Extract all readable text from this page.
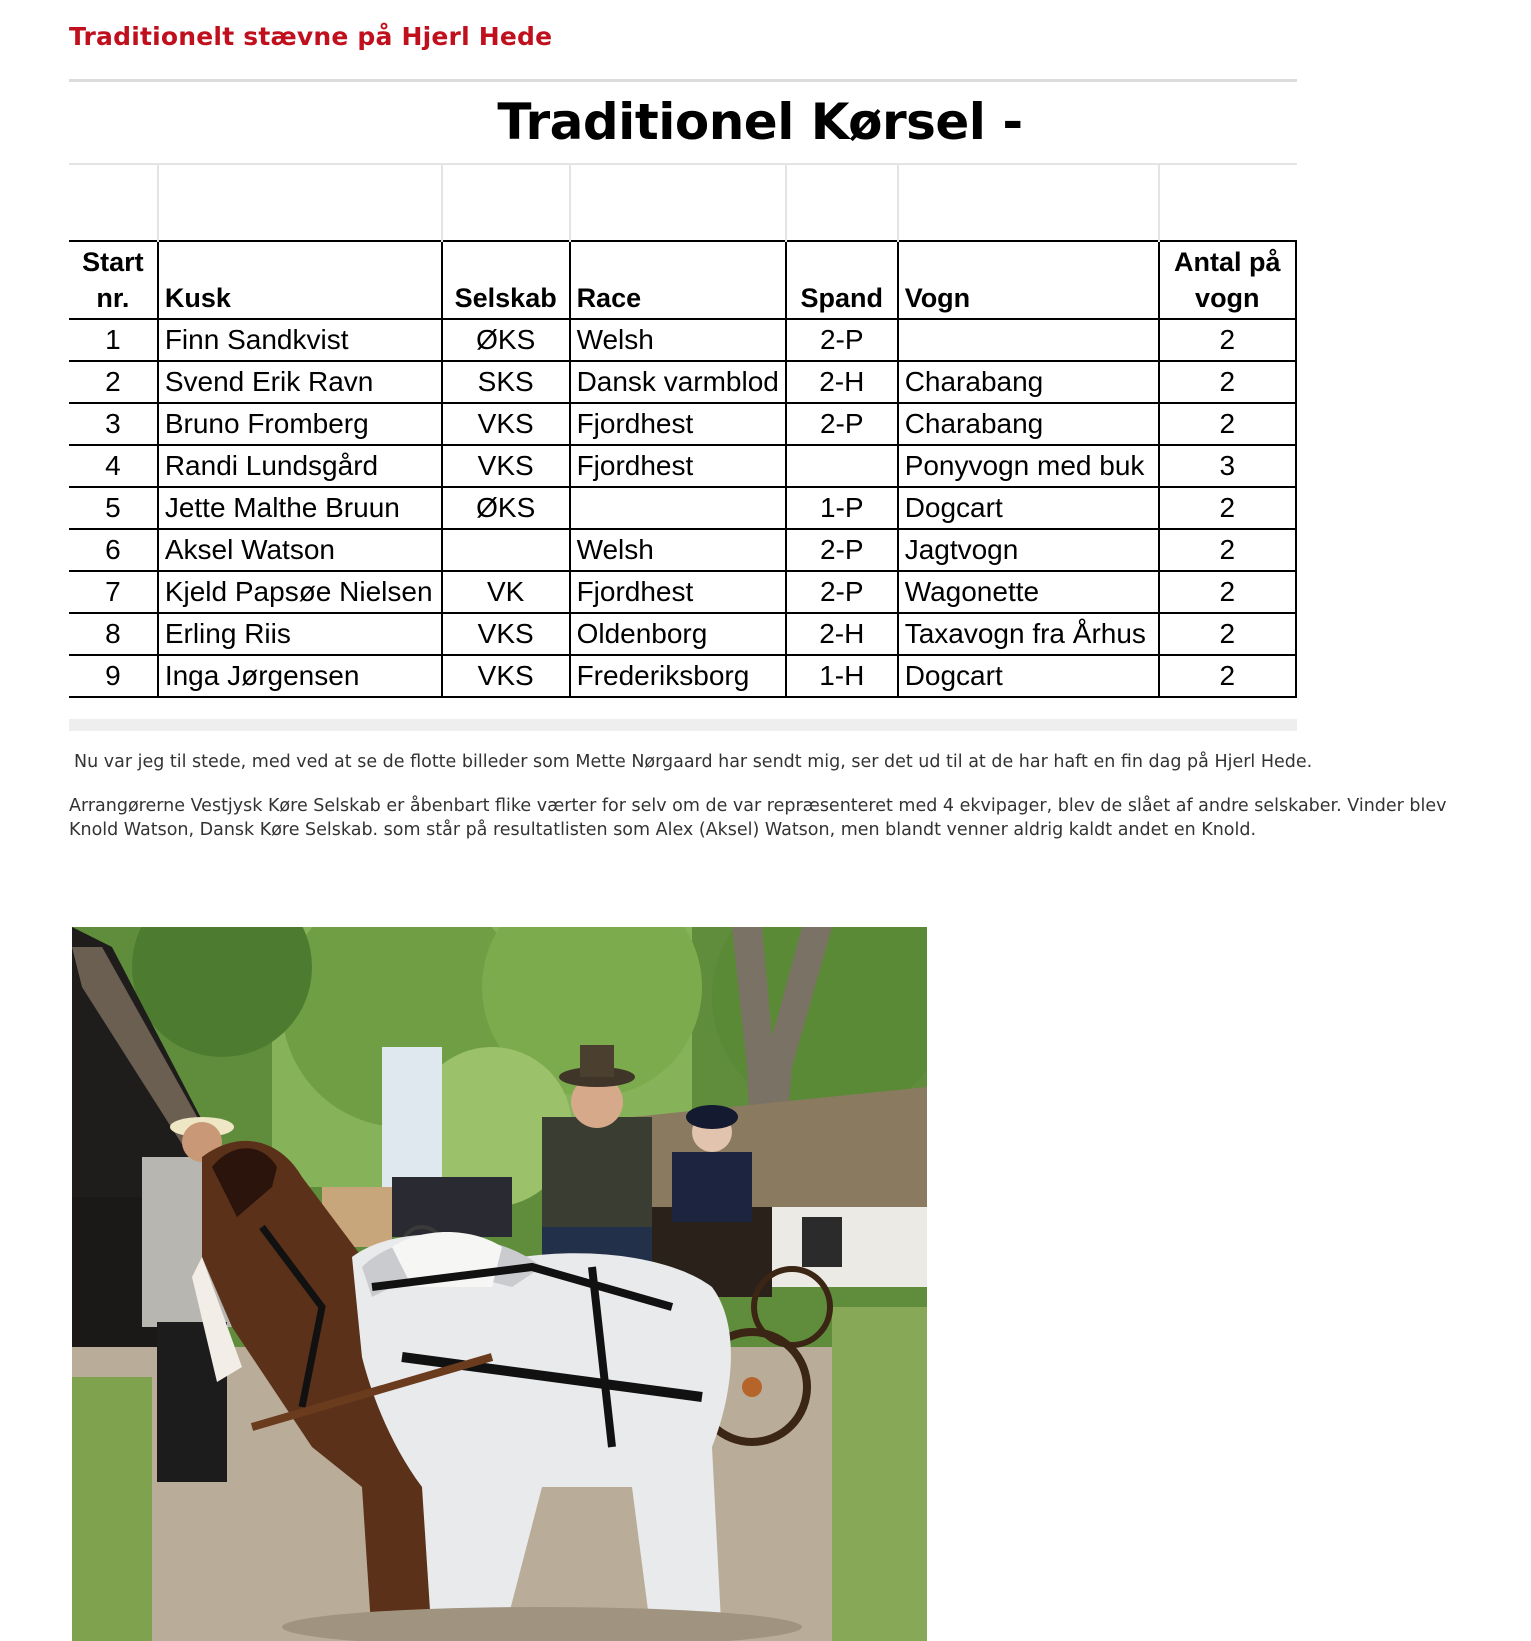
Traditionelt stævne på Hjerl Hede
Traditionel Kørsel -

Start nr.	Kusk	Selskab	Race	Spand	Vogn	Antal på vogn
1	Finn Sandkvist	ØKS	Welsh	2-P		2
2	Svend Erik Ravn	SKS	Dansk varmblod	2-H	Charabang	2
3	Bruno Fromberg	VKS	Fjordhest	2-P	Charabang	2
4	Randi Lundsgård	VKS	Fjordhest		Ponyvogn med buk	3
5	Jette Malthe Bruun	ØKS		1-P	Dogcart	2
6	Aksel Watson		Welsh	2-P	Jagtvogn	2
7	Kjeld Papsøe Nielsen	VK	Fjordhest	2-P	Wagonette	2
8	Erling Riis	VKS	Oldenborg	2-H	Taxavogn fra Århus	2
9	Inga Jørgensen	VKS	Frederiksborg	1-H	Dogcart	2

Nu var jeg til stede, med ved at se de flotte billeder som Mette Nørgaard har sendt mig, ser det ud til at de har haft en fin dag på Hjerl Hede.

Arrangørerne Vestjysk Køre Selskab er åbenbart flike værter for selv om de var repræsenteret med 4 ekvipager, blev de slået af andre selskaber. Vinder blev Knold Watson, Dansk Køre Selskab. som står på resultatlisten som Alex (Aksel) Watson, men blandt venner aldrig kaldt andet en Knold.
